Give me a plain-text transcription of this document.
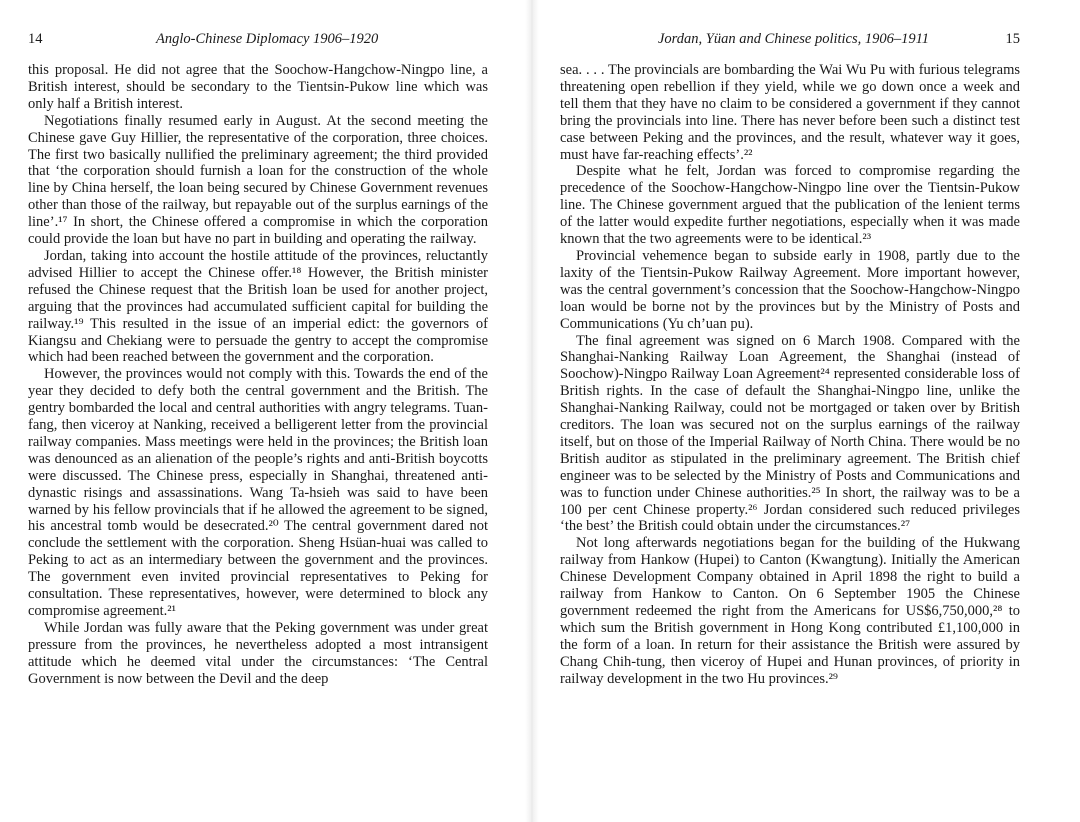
14	Anglo-Chinese Diplomacy 1906–1920

this proposal. He did not agree that the Soochow-Hangchow-Ningpo line, a British interest, should be secondary to the Tientsin-Pukow line which was only half a British interest.

Negotiations finally resumed early in August. At the second meeting the Chinese gave Guy Hillier, the representative of the corporation, three choices. The first two basically nullified the preliminary agreement; the third provided that ‘the corporation should furnish a loan for the construction of the whole line by China herself, the loan being secured by Chinese Government revenues other than those of the railway, but repayable out of the surplus earnings of the line’.¹⁷ In short, the Chinese offered a compromise in which the corporation could provide the loan but have no part in building and operating the railway.

Jordan, taking into account the hostile attitude of the provinces, reluctantly advised Hillier to accept the Chinese offer.¹⁸ However, the British minister refused the Chinese request that the British loan be used for another project, arguing that the provinces had accumulated sufficient capital for building the railway.¹⁹ This resulted in the issue of an imperial edict: the governors of Kiangsu and Chekiang were to persuade the gentry to accept the compromise which had been reached between the government and the corporation.

However, the provinces would not comply with this. Towards the end of the year they decided to defy both the central government and the British. The gentry bombarded the local and central authorities with angry telegrams. Tuan-fang, then viceroy at Nanking, received a belligerent letter from the provincial railway companies. Mass meetings were held in the provinces; the British loan was denounced as an alienation of the people’s rights and anti-British boycotts were discussed. The Chinese press, especially in Shanghai, threatened anti-dynastic risings and assassinations. Wang Ta-hsieh was said to have been warned by his fellow provincials that if he allowed the agreement to be signed, his ancestral tomb would be desecrated.²⁰ The central government dared not conclude the settlement with the corporation. Sheng Hsüan-huai was called to Peking to act as an intermediary between the government and the provinces. The government even invited provincial representatives to Peking for consultation. These representatives, however, were determined to block any compromise agreement.²¹

While Jordan was fully aware that the Peking government was under great pressure from the provinces, he nevertheless adopted a most intransigent attitude which he deemed vital under the circumstances: ‘The Central Government is now between the Devil and the deep

Jordan, Yüan and Chinese politics, 1906–1911	15

sea. . . . The provincials are bombarding the Wai Wu Pu with furious telegrams threatening open rebellion if they yield, while we go down once a week and tell them that they have no claim to be considered a government if they cannot bring the provincials into line. There has never before been such a distinct test case between Peking and the provinces, and the result, whatever way it goes, must have far-reaching effects’.²²

Despite what he felt, Jordan was forced to compromise regarding the precedence of the Soochow-Hangchow-Ningpo line over the Tientsin-Pukow line. The Chinese government argued that the publication of the lenient terms of the latter would expedite further negotiations, especially when it was made known that the two agreements were to be identical.²³

Provincial vehemence began to subside early in 1908, partly due to the laxity of the Tientsin-Pukow Railway Agreement. More important however, was the central government’s concession that the Soochow-Hangchow-Ningpo loan would be borne not by the provinces but by the Ministry of Posts and Communications (Yu ch’uan pu).

The final agreement was signed on 6 March 1908. Compared with the Shanghai-Nanking Railway Loan Agreement, the Shanghai (instead of Soochow)-Ningpo Railway Loan Agreement²⁴ represented considerable loss of British rights. In the case of default the Shanghai-Ningpo line, unlike the Shanghai-Nanking Railway, could not be mortgaged or taken over by British creditors. The loan was secured not on the surplus earnings of the railway itself, but on those of the Imperial Railway of North China. There would be no British auditor as stipulated in the preliminary agreement. The British chief engineer was to be selected by the Ministry of Posts and Communications and was to function under Chinese authorities.²⁵ In short, the railway was to be a 100 per cent Chinese property.²⁶ Jordan considered such reduced privileges ‘the best’ the British could obtain under the circumstances.²⁷

Not long afterwards negotiations began for the building of the Hukwang railway from Hankow (Hupei) to Canton (Kwangtung). Initially the American Chinese Development Company obtained in April 1898 the right to build a railway from Hankow to Canton. On 6 September 1905 the Chinese government redeemed the right from the Americans for US$6,750,000,²⁸ to which sum the British government in Hong Kong contributed £1,100,000 in the form of a loan. In return for their assistance the British were assured by Chang Chih-tung, then viceroy of Hupei and Hunan provinces, of priority in railway development in the two Hu provinces.²⁹
